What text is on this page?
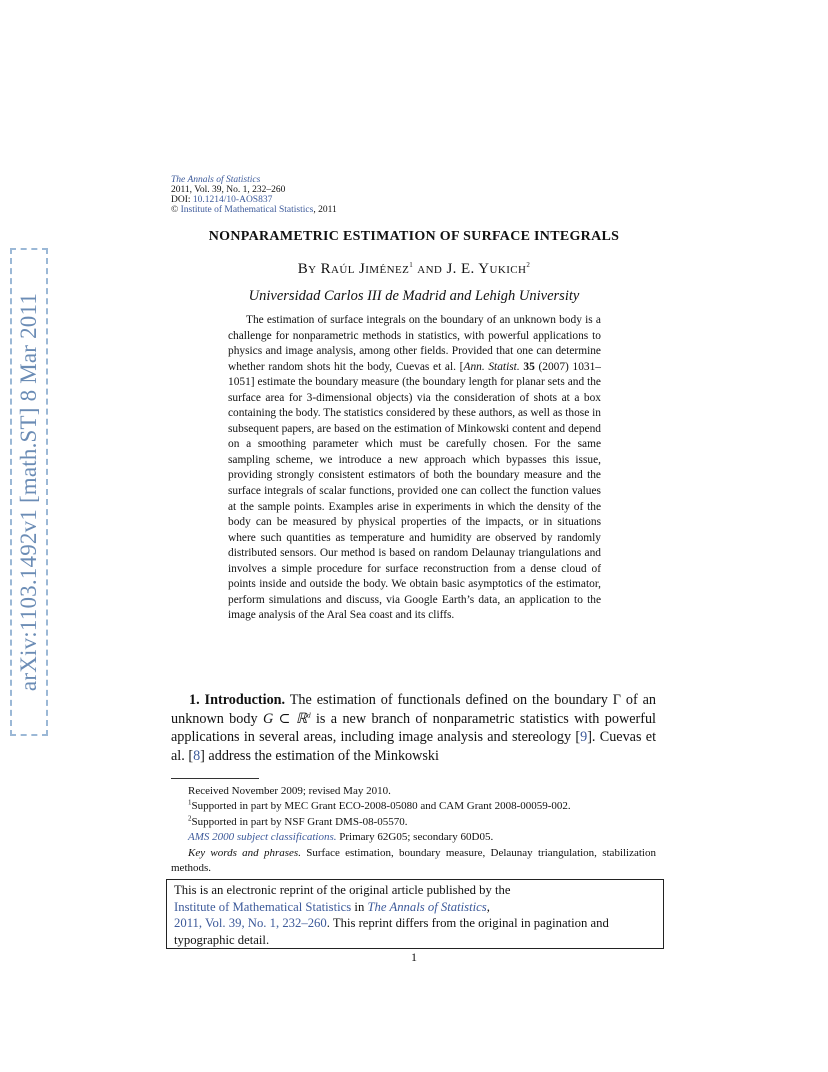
arXiv:1103.1492v1 [math.ST] 8 Mar 2011
The Annals of Statistics
2011, Vol. 39, No. 1, 232–260
DOI: 10.1214/10-AOS837
© Institute of Mathematical Statistics, 2011
NONPARAMETRIC ESTIMATION OF SURFACE INTEGRALS
By Raúl Jiménez$^1$ and J. E. Yukich$^2$
Universidad Carlos III de Madrid and Lehigh University
The estimation of surface integrals on the boundary of an unknown body is a challenge for nonparametric methods in statistics, with powerful applications to physics and image analysis, among other fields. Provided that one can determine whether random shots hit the body, Cuevas et al. [Ann. Statist. 35 (2007) 1031–1051] estimate the boundary measure (the boundary length for planar sets and the surface area for 3-dimensional objects) via the consideration of shots at a box containing the body. The statistics considered by these authors, as well as those in subsequent papers, are based on the estimation of Minkowski content and depend on a smoothing parameter which must be carefully chosen. For the same sampling scheme, we introduce a new approach which bypasses this issue, providing strongly consistent estimators of both the boundary measure and the surface integrals of scalar functions, provided one can collect the function values at the sample points. Examples arise in experiments in which the density of the body can be measured by physical properties of the impacts, or in situations where such quantities as temperature and humidity are observed by randomly distributed sensors. Our method is based on random Delaunay triangulations and involves a simple procedure for surface reconstruction from a dense cloud of points inside and outside the body. We obtain basic asymptotics of the estimator, perform simulations and discuss, via Google Earth’s data, an application to the image analysis of the Aral Sea coast and its cliffs.
1. Introduction. The estimation of functionals defined on the boundary Γ of an unknown body G ⊂ ℝ$^d$ is a new branch of nonparametric statistics with powerful applications in several areas, including image analysis and stereology [9]. Cuevas et al. [8] address the estimation of the Minkowski
Received November 2009; revised May 2010.
$^1$Supported in part by MEC Grant ECO-2008-05080 and CAM Grant 2008-00059-002.
$^2$Supported in part by NSF Grant DMS-08-05570.
AMS 2000 subject classifications. Primary 62G05; secondary 60D05.
Key words and phrases. Surface estimation, boundary measure, Delaunay triangulation, stabilization methods.
This is an electronic reprint of the original article published by the
Institute of Mathematical Statistics in The Annals of Statistics,
2011, Vol. 39, No. 1, 232–260. This reprint differs from the original in pagination and typographic detail.
1
